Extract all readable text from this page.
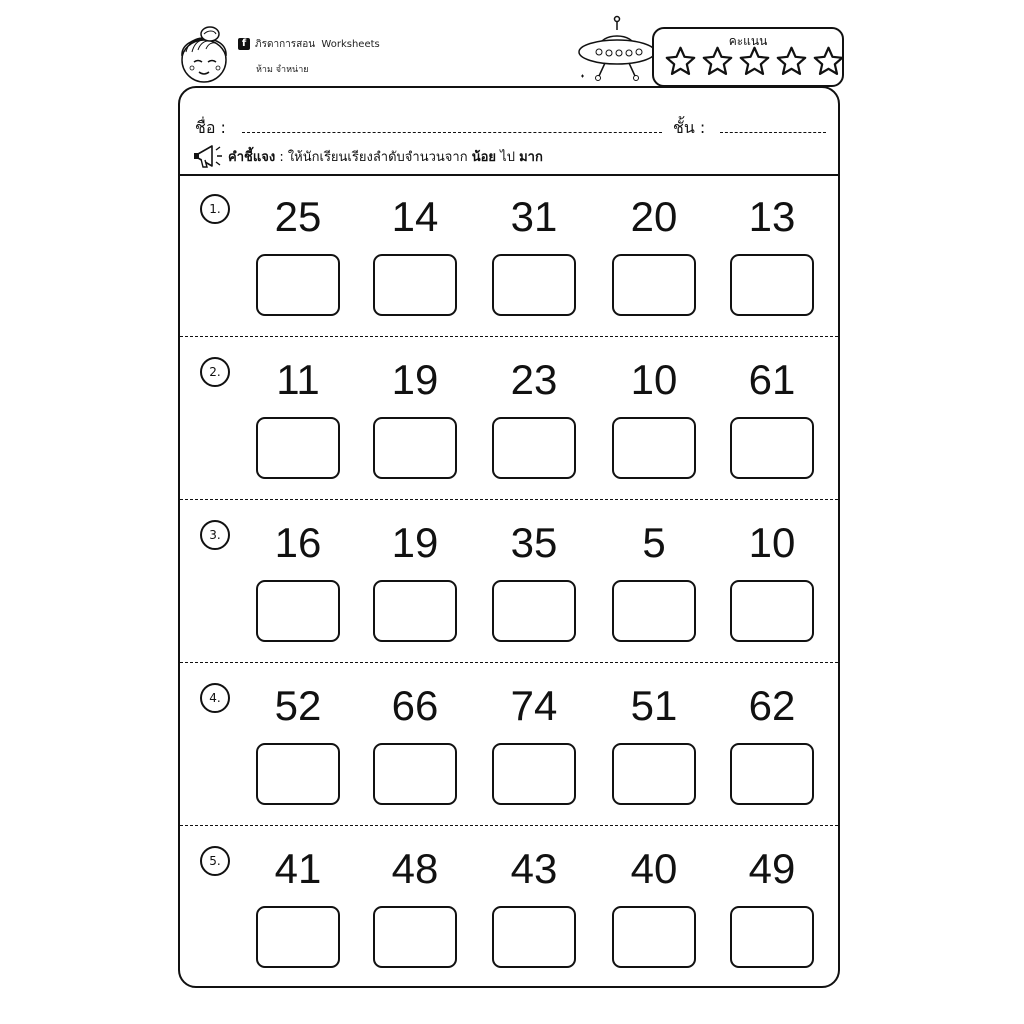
f ภิรดาการสอน Worksheets
ห้าม จำหน่าย
คะแนน
ชื่อ :	ชั้น :
คำชี้แจง : ให้นักเรียนเรียงลำดับจำนวนจาก น้อย ไป มาก
1.	25	14	31	20	13
2.	11	19	23	10	61
3.	16	19	35	5	10
4.	52	66	74	51	62
5.	41	48	43	40	49
